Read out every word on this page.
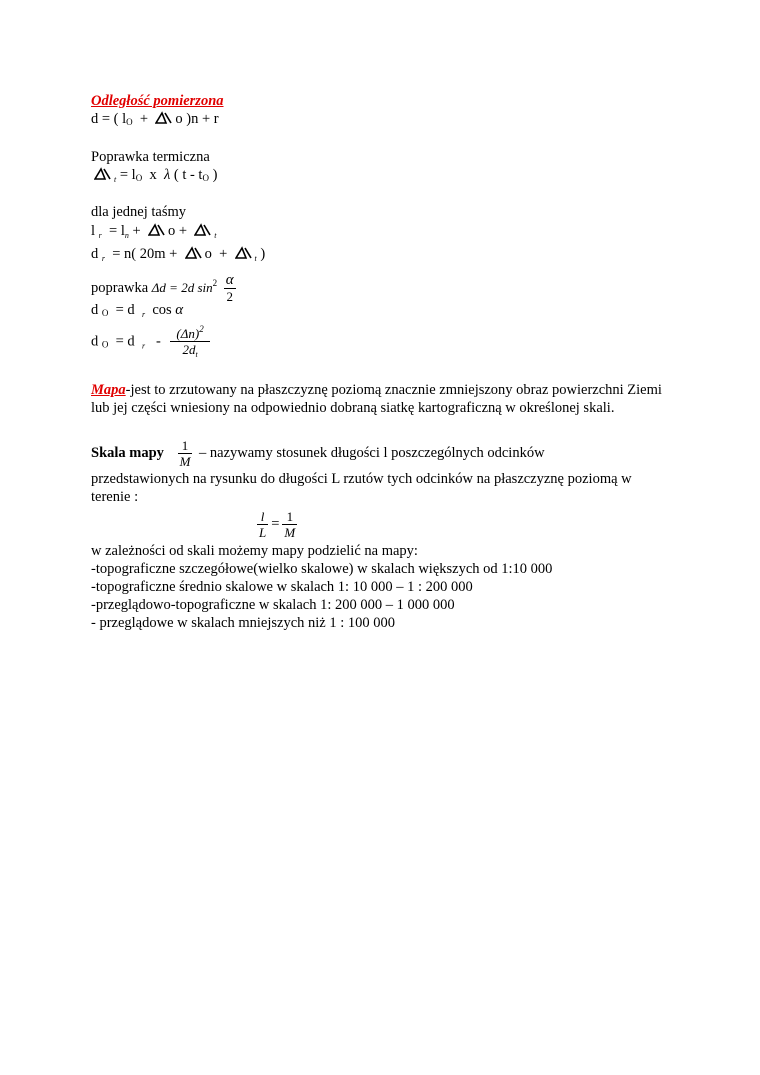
Odległość pomierzona
d = ( $l_O + o$ )n + r
Poprawka termiczna
$_t = l_O$ x λ ( t - $t_O$ )
dla jednej taśmy
l $_r = l_n + o$ +	$_t$
d $_r$ = n( 20m + o +	$_t$ )
poprawka Δd = 2d $\sin^2 \frac{\alpha}{2}$
d $_O$ = d $_r$ cos α
d $_O$ = d $_r - \frac{(\Delta n)^2}{2d_t}$
Mapa-jest to zrzutowany na płaszczyznę poziomą znacznie zmniejszony obraz powierzchni Ziemi lub jej części wniesiony na odpowiednio dobraną siatkę kartograficzną w określonej skali.
Skala mapy $\frac{1}{M}$ – nazywamy stosunek długości l poszczególnych odcinków
przedstawionych na rysunku do długości L rzutów tych odcinków na płaszczyznę poziomą w terenie :
$\frac{l}{L} = \frac{1}{M}$
w zależności od skali możemy mapy podzielić na mapy:
-topograficzne szczegółowe(wielko skalowe) w skalach większych od 1:10 000
-topograficzne średnio skalowe w skalach 1: 10 000 – 1 : 200 000
-przeglądowo-topograficzne w skalach 1: 200 000 – 1 000 000
- przeglądowe w skalach mniejszych niż 1 : 100 000
